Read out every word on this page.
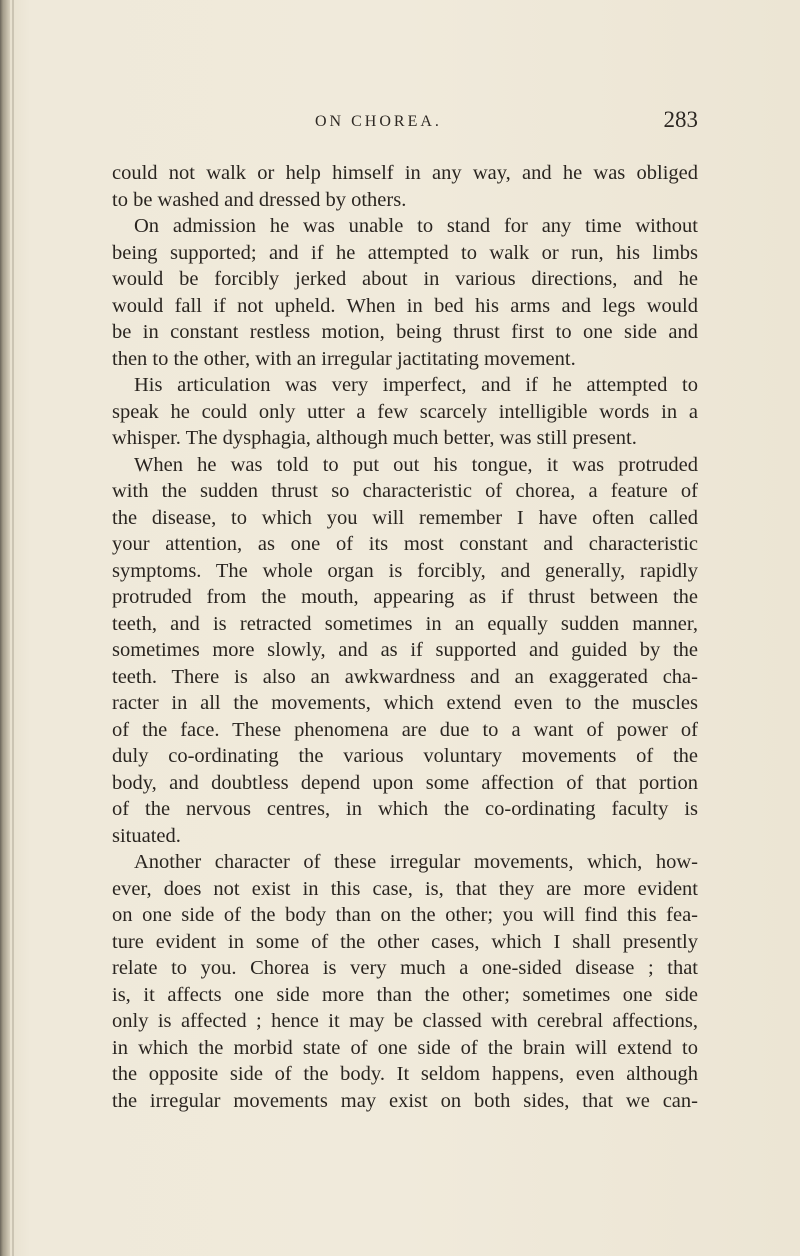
ON CHOREA.	283
could not walk or help himself in any way, and he was obliged
to be washed and dressed by others.
On admission he was unable to stand for any time without
being supported; and if he attempted to walk or run, his limbs
would be forcibly jerked about in various directions, and he
would fall if not upheld. When in bed his arms and legs would
be in constant restless motion, being thrust first to one side and
then to the other, with an irregular jactitating movement.
His articulation was very imperfect, and if he attempted to
speak he could only utter a few scarcely intelligible words in a
whisper. The dysphagia, although much better, was still present.
When he was told to put out his tongue, it was protruded
with the sudden thrust so characteristic of chorea, a feature of
the disease, to which you will remember I have often called
your attention, as one of its most constant and characteristic
symptoms. The whole organ is forcibly, and generally, rapidly
protruded from the mouth, appearing as if thrust between the
teeth, and is retracted sometimes in an equally sudden manner,
sometimes more slowly, and as if supported and guided by the
teeth. There is also an awkwardness and an exaggerated cha-
racter in all the movements, which extend even to the muscles
of the face. These phenomena are due to a want of power of
duly co-ordinating the various voluntary movements of the
body, and doubtless depend upon some affection of that portion
of the nervous centres, in which the co-ordinating faculty is
situated.
Another character of these irregular movements, which, how-
ever, does not exist in this case, is, that they are more evident
on one side of the body than on the other; you will find this fea-
ture evident in some of the other cases, which I shall presently
relate to you. Chorea is very much a one-sided disease ; that
is, it affects one side more than the other; sometimes one side
only is affected ; hence it may be classed with cerebral affections,
in which the morbid state of one side of the brain will extend to
the opposite side of the body. It seldom happens, even although
the irregular movements may exist on both sides, that we can-
